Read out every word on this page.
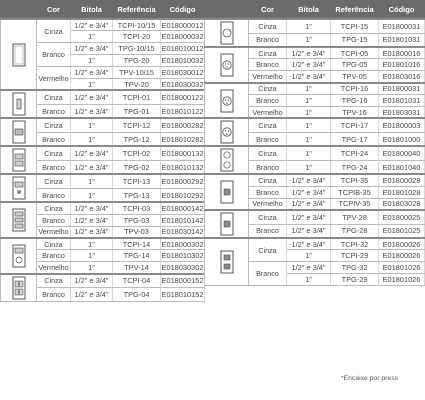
	Cor	Bitola	Referência	Código

	Cinza	1/2" e 3/4"	TCPI-10/15	E018000012
		1"	TCPI-20	E018000032
	Branco	1/2" e 3/4"	TPG-10/15	E018010012
		1"	TPG-20	E018010032
	Vermelho	1/2" e 3/4"	TPV-10/15	E018030012
		1"	TPV-20	E018030032

	Cinza	1/2" e 3/4"	TCPI-01	E018000122
	Branco	1/2" e 3/4"	TPG-01	E018010122

	Cinza	1"	TCPI-12	E018000282
	Branco	1"	TPG-12	E018010282

	Cinza	1/2" e 3/4"	TCPI-02	E018000132
	Branco	1/2" e 3/4"	TPG-02	E018010132

	Cinza	1"	TCPI-13	E018000292
	Branco	1"	TPG-13	E018010292

	Cinza	1/2" e 3/4"	TCPI-03	E018000142
	Branco	1/2" e 3/4"	TPG-03	E018010142
	Vermelho	1/2" e 3/4"	TPV-03	E018030142

	Cinza	1"	TCPI-14	E018000302
	Branco	1"	TPG-14	E018010302
	Vermelho	1"	TPV-14	E018030302

	Cinza	1/2" e 3/4"	TCPI-04	E018000152
	Branco	1/2" e 3/4"	TPG-04	E018010152
	Cor	Bitola	Referência	Código

	Cinza	1"	TCPI-15	E01800031
	Branco	1"	TPG-15	E01801031

	Cinza	1/2" e 3/4"	TCPI-05	E01800016
	Branco	1/2" e 3/4"	TPG-05	E01801016
	Vermelho	1/2" e 3/4"	TPV-05	E01803016

	Cinza	1"	TCPI-16	E01800031
	Branco	1"	TPG-16	E01801031
	Vermelho	1"	TPV-16	E01803031

	Cinza	1"	TCPI-17	E01800003
	Branco	1"	TPG-17	E01801000

	Cinza	1"	TCPI-24	E01800040
	Branco	1"	TPG-24	E01801040

	Cinza	1/2" e 3/4"	TCPI-35	E01800028
	Branco	1/2" e 3/4"	TCPIB-35	E01801028
	Vermelho	1/2" e 3/4"	TCPIV-35	E01803028

	Cinza	1/2" e 3/4"	TPV-28	E01800025
	Branco	1/2" e 3/4"	TPG-28	E01801025

	Cinza	1/2" e 3/4"	TCPI-32	E01800026
		1"	TCPI-29	E01800026
	Branco	1/2" e 3/4"	TPG-32	E01801026
		1"	TPG-29	E01801026
*Encaixe por press
